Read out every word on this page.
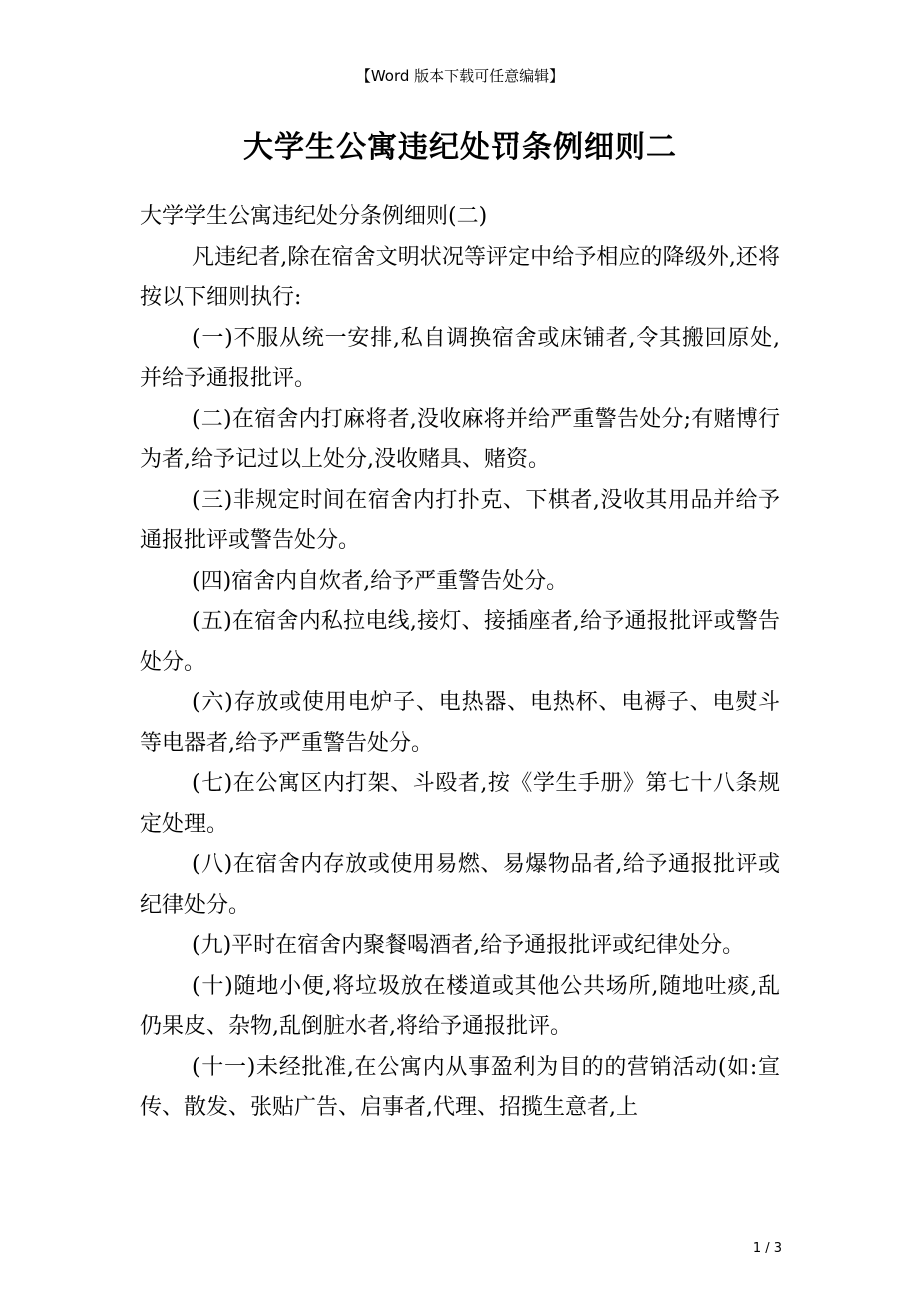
【Word 版本下载可任意编辑】
大学生公寓违纪处罚条例细则二

大学学生公寓违纪处分条例细则(二)

凡违纪者,除在宿舍文明状况等评定中给予相应的降级外,还将按以下细则执行:

(一)不服从统一安排,私自调换宿舍或床铺者,令其搬回原处,并给予通报批评。

(二)在宿舍内打麻将者,没收麻将并给严重警告处分;有赌博行为者,给予记过以上处分,没收赌具、赌资。

(三)非规定时间在宿舍内打扑克、下棋者,没收其用品并给予通报批评或警告处分。

(四)宿舍内自炊者,给予严重警告处分。

(五)在宿舍内私拉电线,接灯、接插座者,给予通报批评或警告处分。

(六)存放或使用电炉子、电热器、电热杯、电褥子、电熨斗等电器者,给予严重警告处分。

(七)在公寓区内打架、斗殴者,按《学生手册》第七十八条规定处理。

(八)在宿舍内存放或使用易燃、易爆物品者,给予通报批评或纪律处分。

(九)平时在宿舍内聚餐喝酒者,给予通报批评或纪律处分。

(十)随地小便,将垃圾放在楼道或其他公共场所,随地吐痰,乱仍果皮、杂物,乱倒脏水者,将给予通报批评。

(十一)未经批准,在公寓内从事盈利为目的的营销活动(如:宣传、散发、张贴广告、启事者,代理、招揽生意者,上

1 / 3
